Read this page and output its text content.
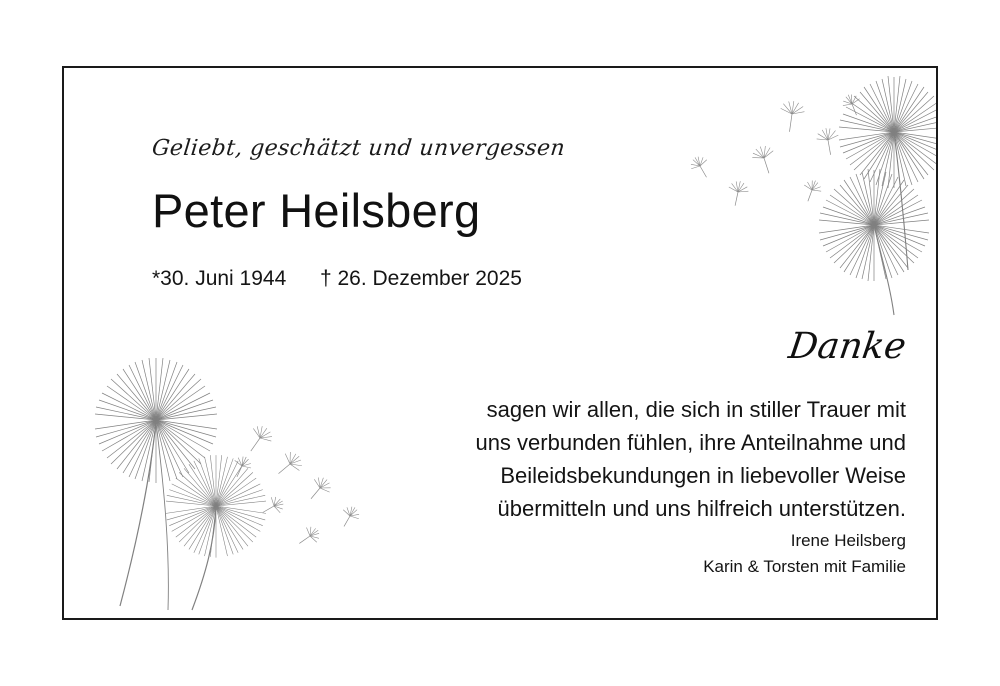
Geliebt, geschätzt und unvergessen
Peter Heilsberg
*30. Juni 1944 † 26. Dezember 2025
Danke
sagen wir allen, die sich in stiller Trauer mit
uns verbunden fühlen, ihre Anteilnahme und
Beileidsbekundungen in liebevoller Weise
übermitteln und uns hilfreich unterstützen.
Irene Heilsberg
Karin & Torsten mit Familie
